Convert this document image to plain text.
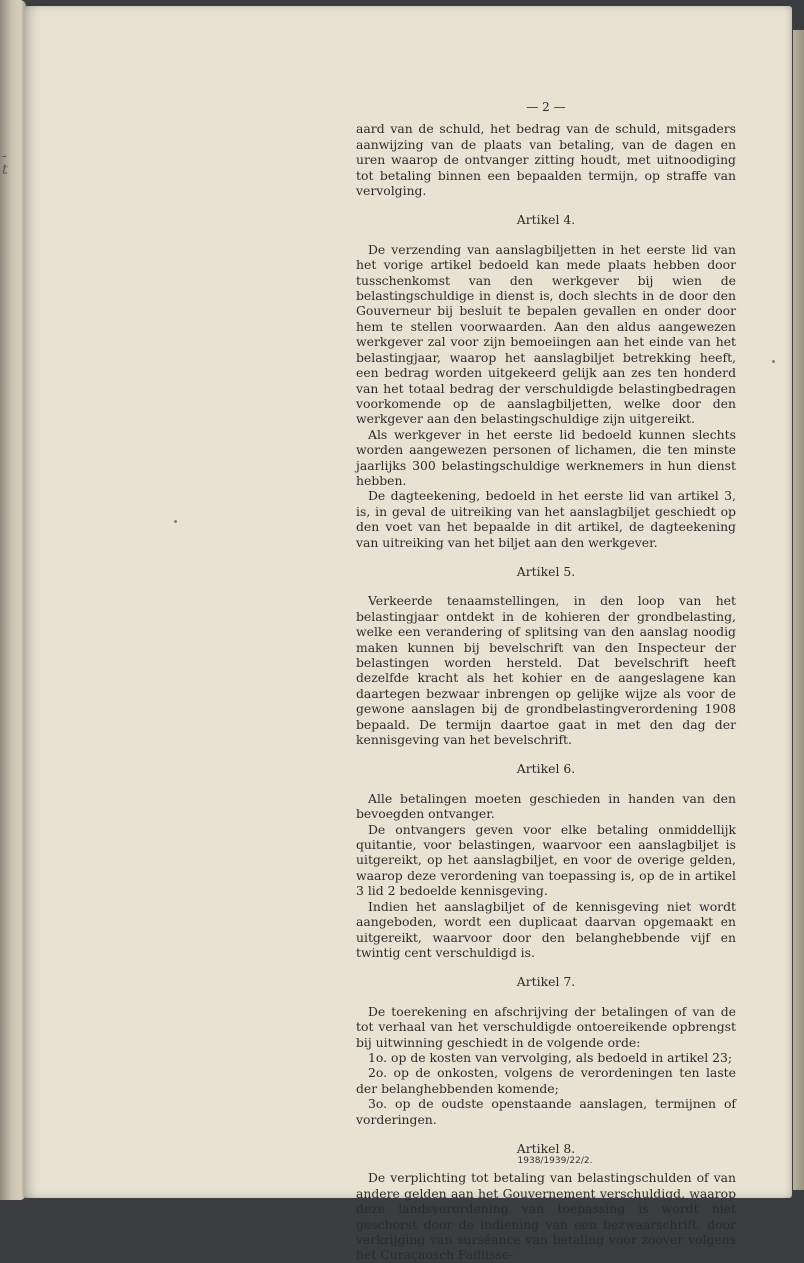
-
t

— 2 —

aard van de schuld, het bedrag van de schuld, mitsgaders aanwijzing van de plaats van betaling, van de dagen en uren waarop de ontvanger zitting houdt, met uitnoodiging tot betaling binnen een bepaalden termijn, op straffe van vervolging.

Artikel 4.

De verzending van aanslagbiljetten in het eerste lid van het vorige artikel bedoeld kan mede plaats hebben door tusschenkomst van den werkgever bij wien de belastingschuldige in dienst is, doch slechts in de door den Gouverneur bij besluit te bepalen gevallen en onder door hem te stellen voorwaarden. Aan den aldus aangewezen werkgever zal voor zijn bemoeiingen aan het einde van het belastingjaar, waarop het aanslagbiljet betrekking heeft, een bedrag worden uitgekeerd gelijk aan zes ten honderd van het totaal bedrag der verschuldigde belastingbedragen voorkomende op de aanslagbiljetten, welke door den werkgever aan den belastingschuldige zijn uitgereikt.

Als werkgever in het eerste lid bedoeld kunnen slechts worden aangewezen personen of lichamen, die ten minste jaarlijks 300 belastingschuldige werknemers in hun dienst hebben.

De dagteekening, bedoeld in het eerste lid van artikel 3, is, in geval de uitreiking van het aanslagbiljet geschiedt op den voet van het bepaalde in dit artikel, de dagteekening van uitreiking van het biljet aan den werkgever.

Artikel 5.

Verkeerde tenaamstellingen, in den loop van het belastingjaar ontdekt in de kohieren der grondbelasting, welke een verandering of splitsing van den aanslag noodig maken kunnen bij bevelschrift van den Inspecteur der belastingen worden hersteld. Dat bevelschrift heeft dezelfde kracht als het kohier en de aangeslagene kan daartegen bezwaar inbrengen op gelijke wijze als voor de gewone aanslagen bij de grondbelastingverordening 1908 bepaald. De termijn daartoe gaat in met den dag der kennisgeving van het bevelschrift.

Artikel 6.

Alle betalingen moeten geschieden in handen van den bevoegden ontvanger.

De ontvangers geven voor elke betaling onmiddellijk quitantie, voor belastingen, waarvoor een aanslagbiljet is uitgereikt, op het aanslagbiljet, en voor de overige gelden, waarop deze verordening van toepassing is, op de in artikel 3 lid 2 bedoelde kennisgeving.

Indien het aanslagbiljet of de kennisgeving niet wordt aangeboden, wordt een duplicaat daarvan opgemaakt en uitgereikt, waarvoor door den belanghebbende vijf en twintig cent verschuldigd is.

Artikel 7.

De toerekening en afschrijving der betalingen of van de tot verhaal van het verschuldigde ontoereikende opbrengst bij uitwinning geschiedt in de volgende orde:

1o. op de kosten van vervolging, als bedoeld in artikel 23;

2o. op de onkosten, volgens de verordeningen ten laste der belanghebbenden komende;

3o. op de oudste openstaande aanslagen, termijnen of vorderingen.

Artikel 8.

De verplichting tot betaling van belastingschulden of van andere gelden aan het Gouvernement verschuldigd, waarop deze landsverordening van toepassing is wordt niet geschorst door de indiening van een bezwaarschrift, door verkrijging van surséance van betaling voor zoover volgens het Curaçaosch Faillisse-

1938/1939/22/2.
